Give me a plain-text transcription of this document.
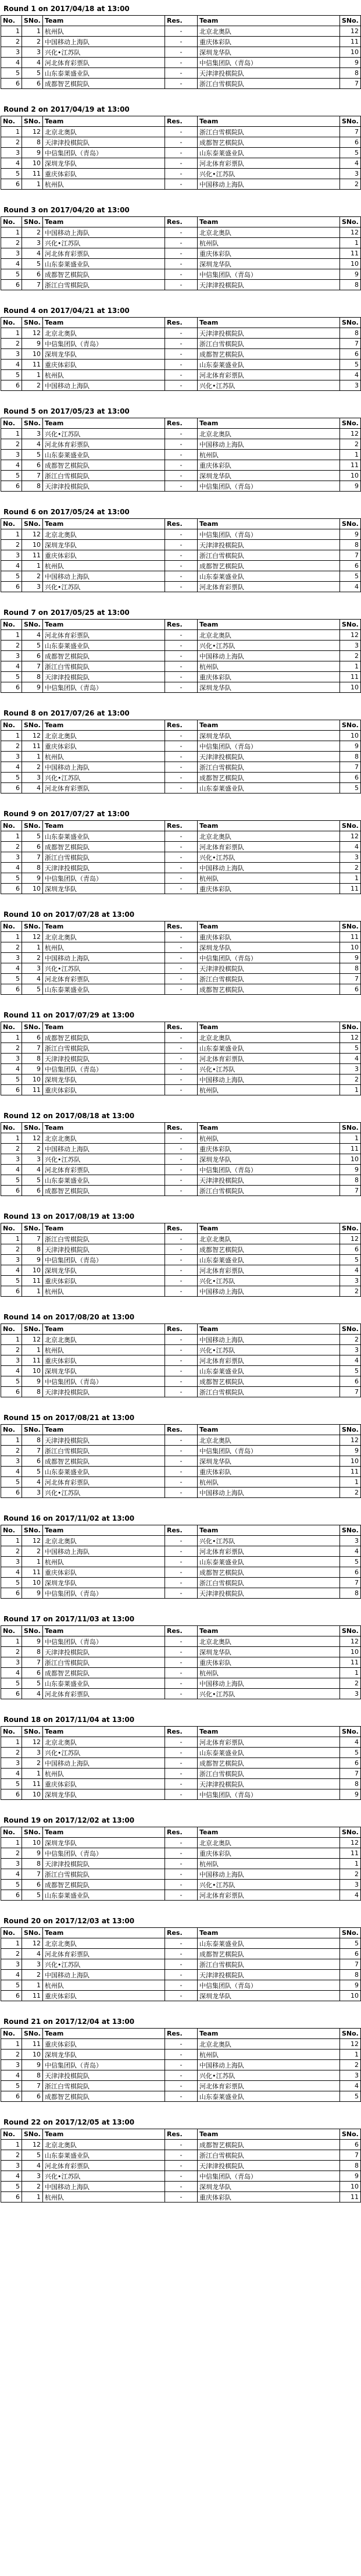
Round 1 on 2017/04/18 at 13:00
No.	SNo.	Team	Res.	Team	SNo.
1	1	杭州队	-	北京北奥队	12
2	2	中国移动上海队	-	重庆体彩队	11
3	3	兴化•江苏队	-	深圳龙华队	10
4	4	河北体育彩票队	-	中信集团队（青岛）	9
5	5	山东泰莱盛业队	-	天津津投棋院队	8
6	6	成都智艺棋院队	-	浙江白雪棋院队	7
Round 2 on 2017/04/19 at 13:00
No.	SNo.	Team	Res.	Team	SNo.
1	12	北京北奥队	-	浙江白雪棋院队	7
2	8	天津津投棋院队	-	成都智艺棋院队	6
3	9	中信集团队（青岛）	-	山东泰莱盛业队	5
4	10	深圳龙华队	-	河北体育彩票队	4
5	11	重庆体彩队	-	兴化•江苏队	3
6	1	杭州队	-	中国移动上海队	2
Round 3 on 2017/04/20 at 13:00
No.	SNo.	Team	Res.	Team	SNo.
1	2	中国移动上海队	-	北京北奥队	12
2	3	兴化•江苏队	-	杭州队	1
3	4	河北体育彩票队	-	重庆体彩队	11
4	5	山东泰莱盛业队	-	深圳龙华队	10
5	6	成都智艺棋院队	-	中信集团队（青岛）	9
6	7	浙江白雪棋院队	-	天津津投棋院队	8
Round 4 on 2017/04/21 at 13:00
No.	SNo.	Team	Res.	Team	SNo.
1	12	北京北奥队	-	天津津投棋院队	8
2	9	中信集团队（青岛）	-	浙江白雪棋院队	7
3	10	深圳龙华队	-	成都智艺棋院队	6
4	11	重庆体彩队	-	山东泰莱盛业队	5
5	1	杭州队	-	河北体育彩票队	4
6	2	中国移动上海队	-	兴化•江苏队	3
Round 5 on 2017/05/23 at 13:00
No.	SNo.	Team	Res.	Team	SNo.
1	3	兴化•江苏队	-	北京北奥队	12
2	4	河北体育彩票队	-	中国移动上海队	2
3	5	山东泰莱盛业队	-	杭州队	1
4	6	成都智艺棋院队	-	重庆体彩队	11
5	7	浙江白雪棋院队	-	深圳龙华队	10
6	8	天津津投棋院队	-	中信集团队（青岛）	9
Round 6 on 2017/05/24 at 13:00
No.	SNo.	Team	Res.	Team	SNo.
1	12	北京北奥队	-	中信集团队（青岛）	9
2	10	深圳龙华队	-	天津津投棋院队	8
3	11	重庆体彩队	-	浙江白雪棋院队	7
4	1	杭州队	-	成都智艺棋院队	6
5	2	中国移动上海队	-	山东泰莱盛业队	5
6	3	兴化•江苏队	-	河北体育彩票队	4
Round 7 on 2017/05/25 at 13:00
No.	SNo.	Team	Res.	Team	SNo.
1	4	河北体育彩票队	-	北京北奥队	12
2	5	山东泰莱盛业队	-	兴化•江苏队	3
3	6	成都智艺棋院队	-	中国移动上海队	2
4	7	浙江白雪棋院队	-	杭州队	1
5	8	天津津投棋院队	-	重庆体彩队	11
6	9	中信集团队（青岛）	-	深圳龙华队	10
Round 8 on 2017/07/26 at 13:00
No.	SNo.	Team	Res.	Team	SNo.
1	12	北京北奥队	-	深圳龙华队	10
2	11	重庆体彩队	-	中信集团队（青岛）	9
3	1	杭州队	-	天津津投棋院队	8
4	2	中国移动上海队	-	浙江白雪棋院队	7
5	3	兴化•江苏队	-	成都智艺棋院队	6
6	4	河北体育彩票队	-	山东泰莱盛业队	5
Round 9 on 2017/07/27 at 13:00
No.	SNo.	Team	Res.	Team	SNo.
1	5	山东泰莱盛业队	-	北京北奥队	12
2	6	成都智艺棋院队	-	河北体育彩票队	4
3	7	浙江白雪棋院队	-	兴化•江苏队	3
4	8	天津津投棋院队	-	中国移动上海队	2
5	9	中信集团队（青岛）	-	杭州队	1
6	10	深圳龙华队	-	重庆体彩队	11
Round 10 on 2017/07/28 at 13:00
No.	SNo.	Team	Res.	Team	SNo.
1	12	北京北奥队	-	重庆体彩队	11
2	1	杭州队	-	深圳龙华队	10
3	2	中国移动上海队	-	中信集团队（青岛）	9
4	3	兴化•江苏队	-	天津津投棋院队	8
5	4	河北体育彩票队	-	浙江白雪棋院队	7
6	5	山东泰莱盛业队	-	成都智艺棋院队	6
Round 11 on 2017/07/29 at 13:00
No.	SNo.	Team	Res.	Team	SNo.
1	6	成都智艺棋院队	-	北京北奥队	12
2	7	浙江白雪棋院队	-	山东泰莱盛业队	5
3	8	天津津投棋院队	-	河北体育彩票队	4
4	9	中信集团队（青岛）	-	兴化•江苏队	3
5	10	深圳龙华队	-	中国移动上海队	2
6	11	重庆体彩队	-	杭州队	1
Round 12 on 2017/08/18 at 13:00
No.	SNo.	Team	Res.	Team	SNo.
1	12	北京北奥队	-	杭州队	1
2	2	中国移动上海队	-	重庆体彩队	11
3	3	兴化•江苏队	-	深圳龙华队	10
4	4	河北体育彩票队	-	中信集团队（青岛）	9
5	5	山东泰莱盛业队	-	天津津投棋院队	8
6	6	成都智艺棋院队	-	浙江白雪棋院队	7
Round 13 on 2017/08/19 at 13:00
No.	SNo.	Team	Res.	Team	SNo.
1	7	浙江白雪棋院队	-	北京北奥队	12
2	8	天津津投棋院队	-	成都智艺棋院队	6
3	9	中信集团队（青岛）	-	山东泰莱盛业队	5
4	10	深圳龙华队	-	河北体育彩票队	4
5	11	重庆体彩队	-	兴化•江苏队	3
6	1	杭州队	-	中国移动上海队	2
Round 14 on 2017/08/20 at 13:00
No.	SNo.	Team	Res.	Team	SNo.
1	12	北京北奥队	-	中国移动上海队	2
2	1	杭州队	-	兴化•江苏队	3
3	11	重庆体彩队	-	河北体育彩票队	4
4	10	深圳龙华队	-	山东泰莱盛业队	5
5	9	中信集团队（青岛）	-	成都智艺棋院队	6
6	8	天津津投棋院队	-	浙江白雪棋院队	7
Round 15 on 2017/08/21 at 13:00
No.	SNo.	Team	Res.	Team	SNo.
1	8	天津津投棋院队	-	北京北奥队	12
2	7	浙江白雪棋院队	-	中信集团队（青岛）	9
3	6	成都智艺棋院队	-	深圳龙华队	10
4	5	山东泰莱盛业队	-	重庆体彩队	11
5	4	河北体育彩票队	-	杭州队	1
6	3	兴化•江苏队	-	中国移动上海队	2
Round 16 on 2017/11/02 at 13:00
No.	SNo.	Team	Res.	Team	SNo.
1	12	北京北奥队	-	兴化•江苏队	3
2	2	中国移动上海队	-	河北体育彩票队	4
3	1	杭州队	-	山东泰莱盛业队	5
4	11	重庆体彩队	-	成都智艺棋院队	6
5	10	深圳龙华队	-	浙江白雪棋院队	7
6	9	中信集团队（青岛）	-	天津津投棋院队	8
Round 17 on 2017/11/03 at 13:00
No.	SNo.	Team	Res.	Team	SNo.
1	9	中信集团队（青岛）	-	北京北奥队	12
2	8	天津津投棋院队	-	深圳龙华队	10
3	7	浙江白雪棋院队	-	重庆体彩队	11
4	6	成都智艺棋院队	-	杭州队	1
5	5	山东泰莱盛业队	-	中国移动上海队	2
6	4	河北体育彩票队	-	兴化•江苏队	3
Round 18 on 2017/11/04 at 13:00
No.	SNo.	Team	Res.	Team	SNo.
1	12	北京北奥队	-	河北体育彩票队	4
2	3	兴化•江苏队	-	山东泰莱盛业队	5
3	2	中国移动上海队	-	成都智艺棋院队	6
4	1	杭州队	-	浙江白雪棋院队	7
5	11	重庆体彩队	-	天津津投棋院队	8
6	10	深圳龙华队	-	中信集团队（青岛）	9
Round 19 on 2017/12/02 at 13:00
No.	SNo.	Team	Res.	Team	SNo.
1	10	深圳龙华队	-	北京北奥队	12
2	9	中信集团队（青岛）	-	重庆体彩队	11
3	8	天津津投棋院队	-	杭州队	1
4	7	浙江白雪棋院队	-	中国移动上海队	2
5	6	成都智艺棋院队	-	兴化•江苏队	3
6	5	山东泰莱盛业队	-	河北体育彩票队	4
Round 20 on 2017/12/03 at 13:00
No.	SNo.	Team	Res.	Team	SNo.
1	12	北京北奥队	-	山东泰莱盛业队	5
2	4	河北体育彩票队	-	成都智艺棋院队	6
3	3	兴化•江苏队	-	浙江白雪棋院队	7
4	2	中国移动上海队	-	天津津投棋院队	8
5	1	杭州队	-	中信集团队（青岛）	9
6	11	重庆体彩队	-	深圳龙华队	10
Round 21 on 2017/12/04 at 13:00
No.	SNo.	Team	Res.	Team	SNo.
1	11	重庆体彩队	-	北京北奥队	12
2	10	深圳龙华队	-	杭州队	1
3	9	中信集团队（青岛）	-	中国移动上海队	2
4	8	天津津投棋院队	-	兴化•江苏队	3
5	7	浙江白雪棋院队	-	河北体育彩票队	4
6	6	成都智艺棋院队	-	山东泰莱盛业队	5
Round 22 on 2017/12/05 at 13:00
No.	SNo.	Team	Res.	Team	SNo.
1	12	北京北奥队	-	成都智艺棋院队	6
2	5	山东泰莱盛业队	-	浙江白雪棋院队	7
3	4	河北体育彩票队	-	天津津投棋院队	8
4	3	兴化•江苏队	-	中信集团队（青岛）	9
5	2	中国移动上海队	-	深圳龙华队	10
6	1	杭州队	-	重庆体彩队	11
